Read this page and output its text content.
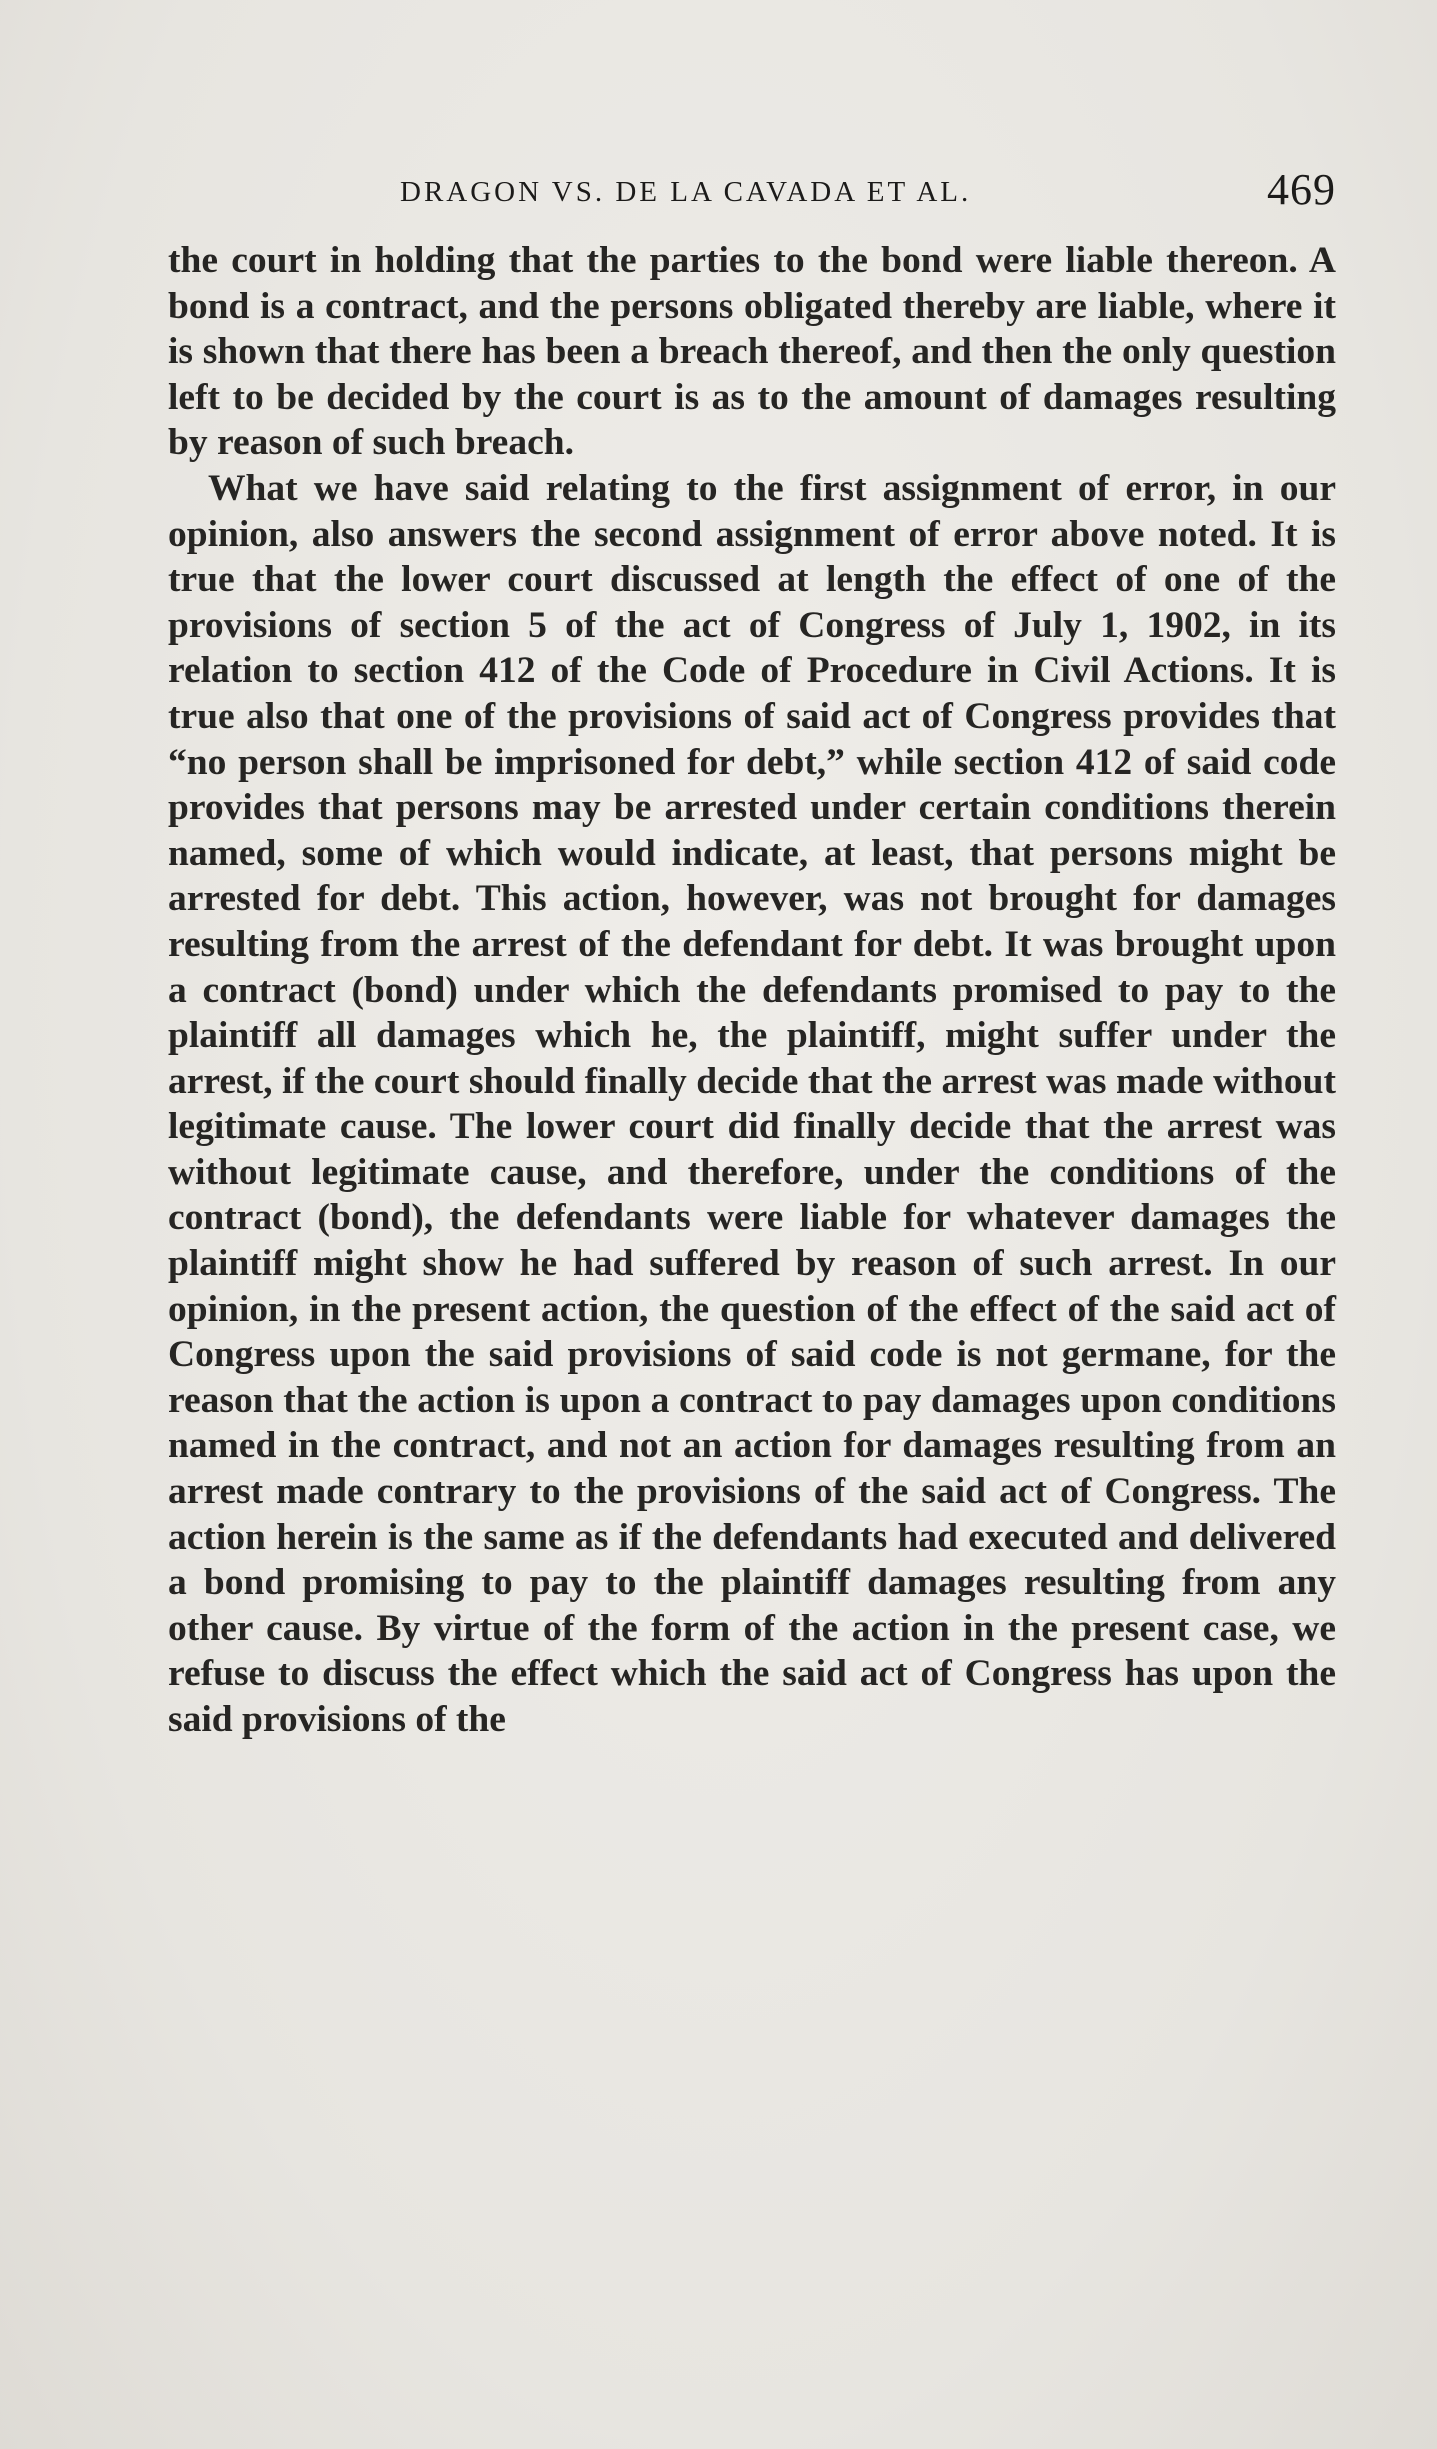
DRAGON VS. DE LA CAVADA ET AL.	469

the court in holding that the parties to the bond were liable thereon. A bond is a contract, and the persons obligated thereby are liable, where it is shown that there has been a breach thereof, and then the only question left to be decided by the court is as to the amount of damages resulting by reason of such breach.

What we have said relating to the first assignment of error, in our opinion, also answers the second assignment of error above noted. It is true that the lower court discussed at length the effect of one of the provisions of section 5 of the act of Congress of July 1, 1902, in its relation to section 412 of the Code of Procedure in Civil Actions. It is true also that one of the provisions of said act of Congress provides that “no person shall be imprisoned for debt,” while section 412 of said code provides that persons may be arrested under certain conditions therein named, some of which would indicate, at least, that persons might be arrested for debt. This action, however, was not brought for damages resulting from the arrest of the defendant for debt. It was brought upon a contract (bond) under which the defendants promised to pay to the plaintiff all damages which he, the plaintiff, might suffer under the arrest, if the court should finally decide that the arrest was made without legitimate cause. The lower court did finally decide that the arrest was without legitimate cause, and therefore, under the conditions of the contract (bond), the defendants were liable for whatever damages the plaintiff might show he had suffered by reason of such arrest. In our opinion, in the present action, the question of the effect of the said act of Congress upon the said provisions of said code is not germane, for the reason that the action is upon a contract to pay damages upon conditions named in the contract, and not an action for damages resulting from an arrest made contrary to the provisions of the said act of Congress. The action herein is the same as if the defendants had executed and delivered a bond promising to pay to the plaintiff damages resulting from any other cause. By virtue of the form of the action in the present case, we refuse to discuss the effect which the said act of Congress has upon the said provisions of the
